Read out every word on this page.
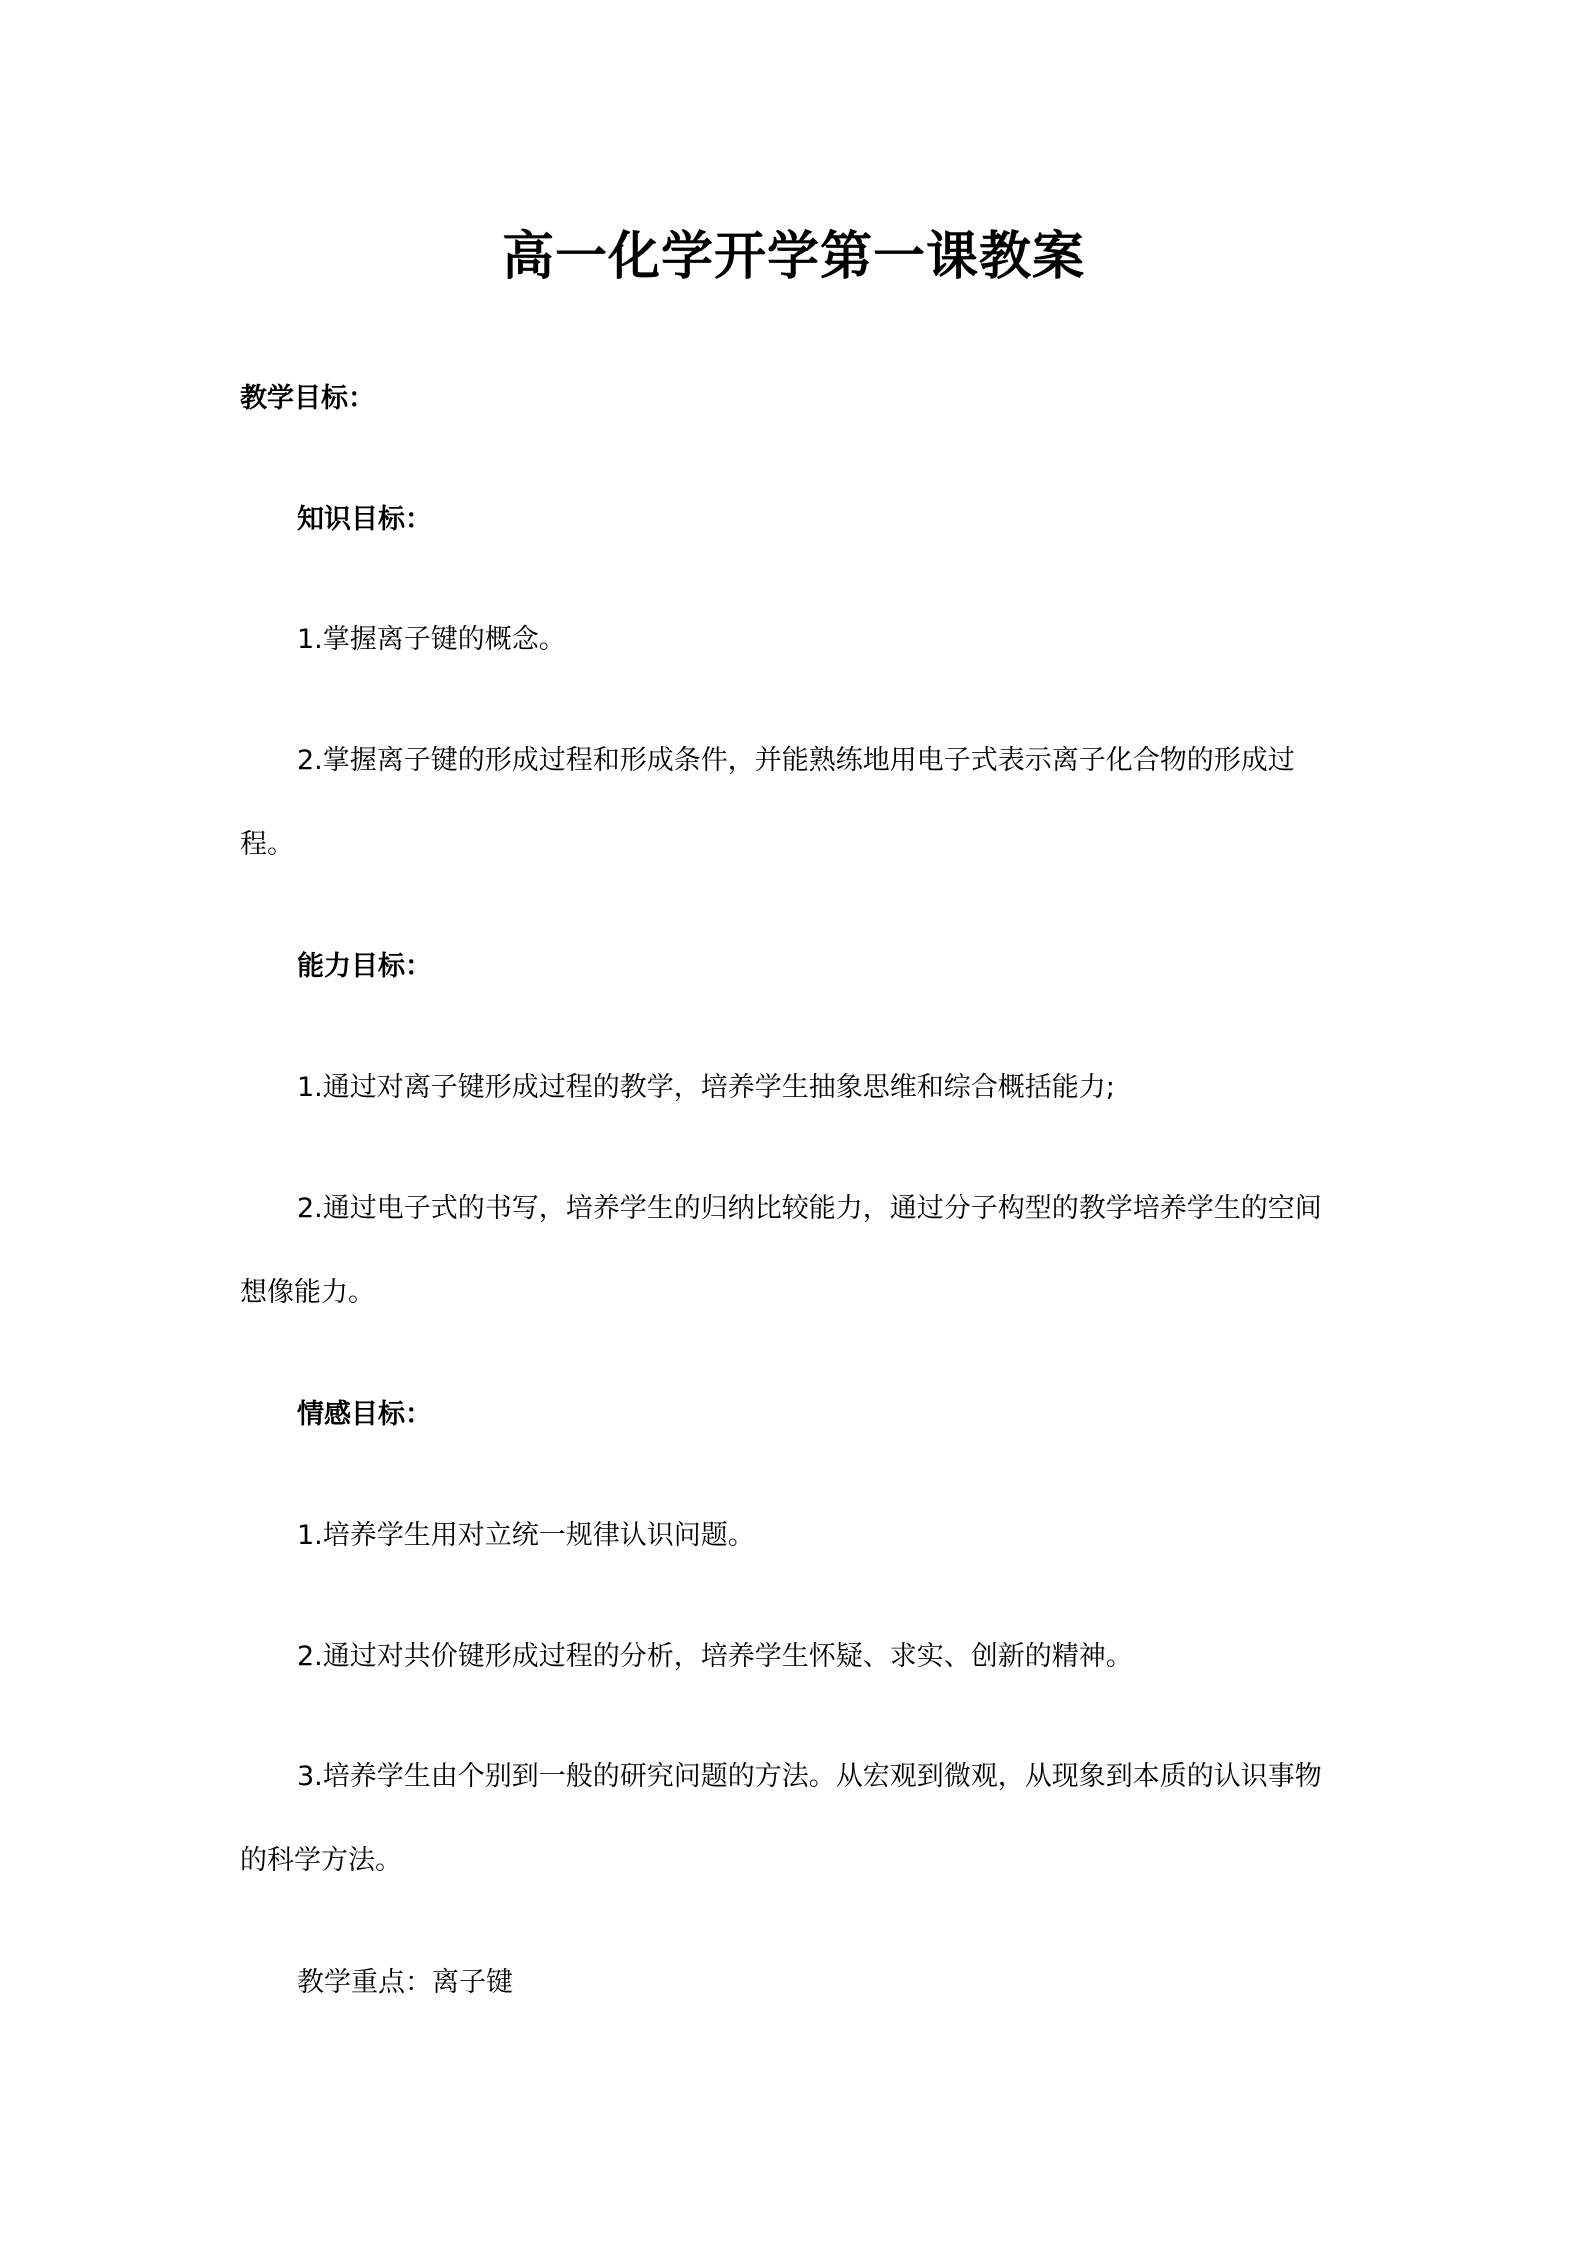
高一化学开学第一课教案
教学目标：
知识目标：
1.掌握离子键的概念。
2.掌握离子键的形成过程和形成条件，并能熟练地用电子式表示离子化合物的形成过
程。
能力目标：
1.通过对离子键形成过程的教学，培养学生抽象思维和综合概括能力;
2.通过电子式的书写，培养学生的归纳比较能力，通过分子构型的教学培养学生的空间
想像能力。
情感目标：
1.培养学生用对立统一规律认识问题。
2.通过对共价键形成过程的分析，培养学生怀疑、求实、创新的精神。
3.培养学生由个别到一般的研究问题的方法。从宏观到微观，从现象到本质的认识事物
的科学方法。
教学重点：离子键
